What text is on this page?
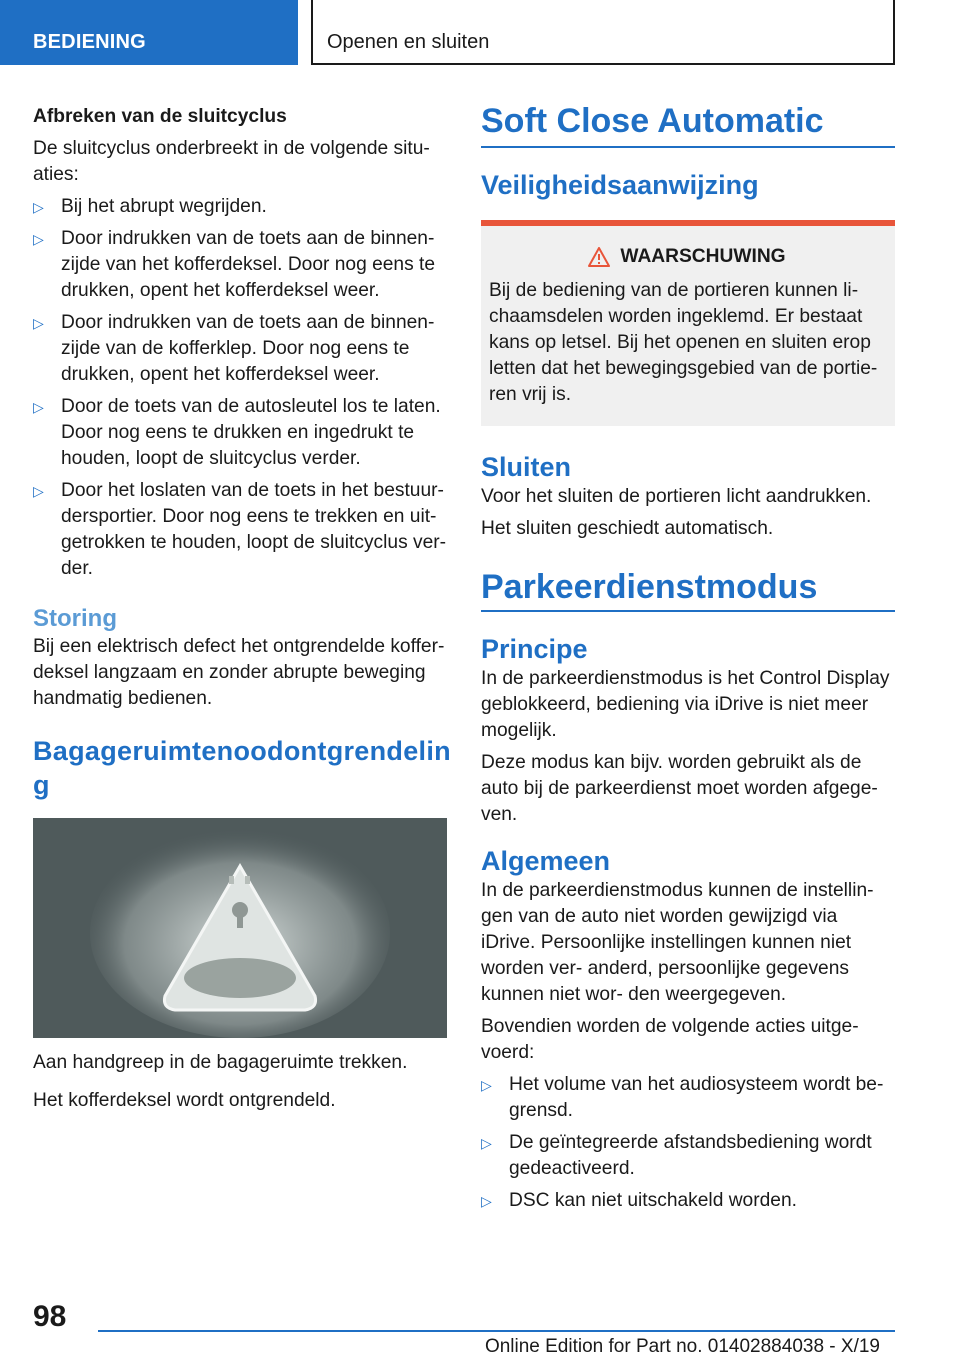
BEDIENING	Openen en sluiten

Afbreken van de sluitcyclus

De sluitcyclus onderbreekt in de volgende situ- aties:

▷ Bij het abrupt wegrijden.
▷ Door indrukken van de toets aan de binnen- zijde van het kofferdeksel. Door nog eens te drukken, opent het kofferdeksel weer.
▷ Door indrukken van de toets aan de binnen- zijde van de kofferklep. Door nog eens te drukken, opent het kofferdeksel weer.
▷ Door de toets van de autosleutel los te laten. Door nog eens te drukken en ingedrukt te houden, loopt de sluitcyclus verder.
▷ Door het loslaten van de toets in het bestuur- dersportier. Door nog eens te trekken en uit- getrokken te houden, loopt de sluitcyclus ver- der.

Storing

Bij een elektrisch defect het ontgrendelde koffer- deksel langzaam en zonder abrupte beweging handmatig bedienen.

Bagageruimtenoodontgrendelin g

Aan handgreep in de bagageruimte trekken.

Het kofferdeksel wordt ontgrendeld.

Soft Close Automatic

Veiligheidsaanwijzing

WAARSCHUWING

Bij de bediening van de portieren kunnen li- chaamsdelen worden ingeklemd. Er bestaat kans op letsel. Bij het openen en sluiten erop letten dat het bewegingsgebied van de portie- ren vrij is.

Sluiten

Voor het sluiten de portieren licht aandrukken.

Het sluiten geschiedt automatisch.

Parkeerdienstmodus

Principe

In de parkeerdienstmodus is het Control Display geblokkeerd, bediening via iDrive is niet meer mogelijk.

Deze modus kan bijv. worden gebruikt als de auto bij de parkeerdienst moet worden afgege- ven.

Algemeen

In de parkeerdienstmodus kunnen de instellin- gen van de auto niet worden gewijzigd via iDrive. Persoonlijke instellingen kunnen niet worden ver- anderd, persoonlijke gegevens kunnen niet wor- den weergegeven.

Bovendien worden de volgende acties uitge- voerd:

▷ Het volume van het audiosysteem wordt be- grensd.
▷ De geïntegreerde afstandsbediening wordt gedeactiveerd.
▷ DSC kan niet uitschakeld worden.
98
Online Edition for Part no. 01402884038 - X/19
